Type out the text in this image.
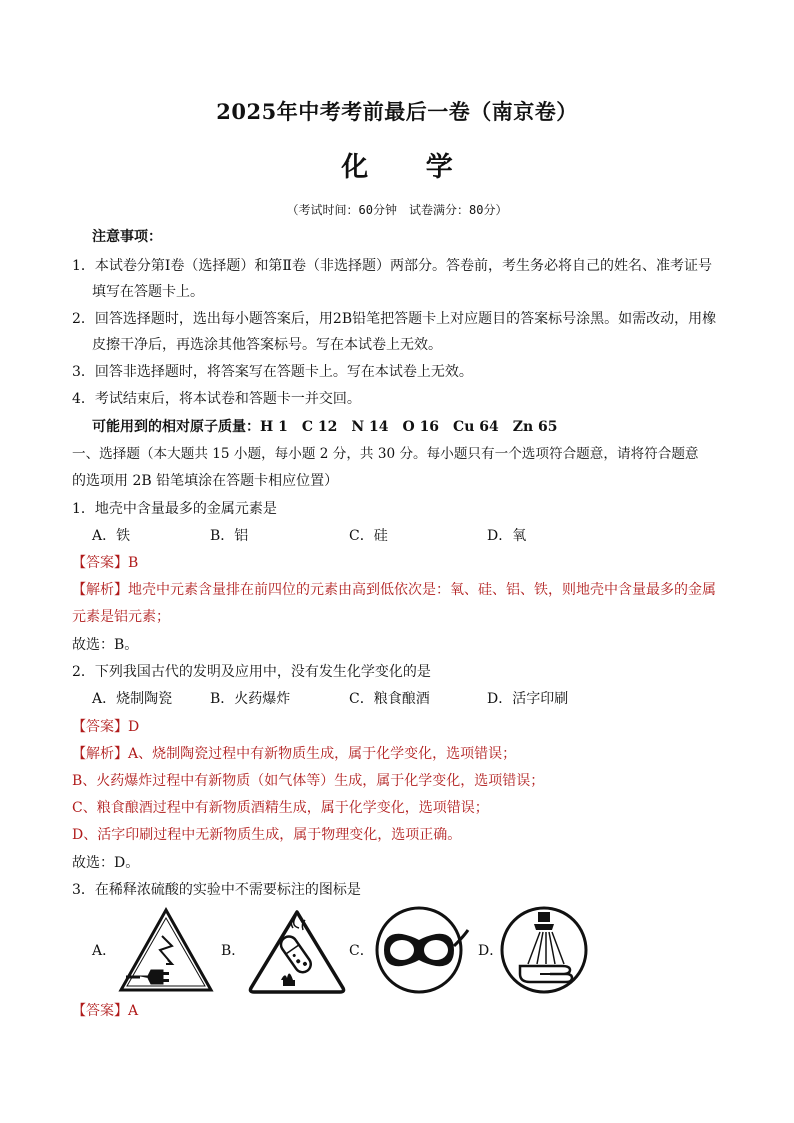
2025年中考考前最后一卷（南京卷）
化 学
（考试时间：60分钟　试卷满分：80分）
注意事项：
1．本试卷分第Ⅰ卷（选择题）和第Ⅱ卷（非选择题）两部分。答卷前，考生务必将自己的姓名、准考证号
填写在答题卡上。
2．回答选择题时，选出每小题答案后，用2B铅笔把答题卡上对应题目的答案标号涂黑。如需改动，用橡
皮擦干净后，再选涂其他答案标号。写在本试卷上无效。
3．回答非选择题时，将答案写在答题卡上。写在本试卷上无效。
4．考试结束后，将本试卷和答题卡一并交回。
可能用到的相对原子质量：H 1　C 12　N 14　O 16　Cu 64　Zn 65
一、选择题（本大题共 15 小题，每小题 2 分，共 30 分。每小题只有一个选项符合题意，请将符合题意
的选项用 2B 铅笔填涂在答题卡相应位置）
1．地壳中含量最多的金属元素是
A．铁	B．铝	C．硅	D．氧
【答案】B
【解析】地壳中元素含量排在前四位的元素由高到低依次是：氧、硅、铝、铁，则地壳中含量最多的金属
元素是铝元素；
故选：B。
2．下列我国古代的发明及应用中，没有发生化学变化的是
A．烧制陶瓷	B．火药爆炸	C．粮食酿酒	D．活字印刷
【答案】D
【解析】A、烧制陶瓷过程中有新物质生成，属于化学变化，选项错误；
B、火药爆炸过程中有新物质（如气体等）生成，属于化学变化，选项错误；
C、粮食酿酒过程中有新物质酒精生成，属于化学变化，选项错误；
D、活字印刷过程中无新物质生成，属于物理变化，选项正确。
故选：D。
3．在稀释浓硫酸的实验中不需要标注的图标是
A．	B．	C．	D．
【答案】A
